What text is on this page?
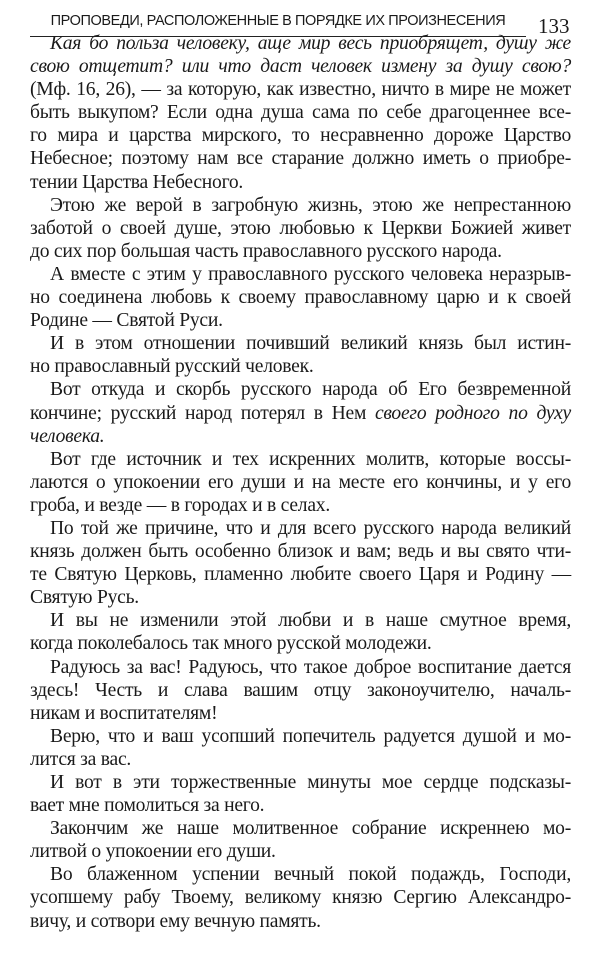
ПРОПОВЕДИ, РАСПОЛОЖЕННЫЕ В ПОРЯДКЕ ИХ ПРОИЗНЕСЕНИЯ	133
Кая бо польза человеку, аще мир весь приобрящет, душу же
свою отщетит? или что даст человек измену за душу свою?
(Мф. 16, 26), — за которую, как известно, ничто в мире не может
быть выкупом? Если одна душа сама по себе драгоценнее все-
го мира и царства мирского, то несравненно дороже Царство
Небесное; поэтому нам все старание должно иметь о приобре-
тении Царства Небесного.
Этою же верой в загробную жизнь, этою же непрестанною
заботой о своей душе, этою любовью к Церкви Божией живет
до сих пор большая часть православного русского народа.
А вместе с этим у православного русского человека неразрыв-
но соединена любовь к своему православному царю и к своей
Родине — Святой Руси.
И в этом отношении почивший великий князь был истин-
но православный русский человек.
Вот откуда и скорбь русского народа об Его безвременной
кончине; русский народ потерял в Нем своего родного по духу
человека.
Вот где источник и тех искренних молитв, которые воссы-
лаются о упокоении его души и на месте его кончины, и у его
гроба, и везде — в городах и в селах.
По той же причине, что и для всего русского народа великий
князь должен быть особенно близок и вам; ведь и вы свято чти-
те Святую Церковь, пламенно любите своего Царя и Родину —
Святую Русь.
И вы не изменили этой любви и в наше смутное время,
когда поколебалось так много русской молодежи.
Радуюсь за вас! Радуюсь, что такое доброе воспитание дается
здесь! Честь и слава вашим отцу законоучителю, началь-
никам и воспитателям!
Верю, что и ваш усопший попечитель радуется душой и мо-
лится за вас.
И вот в эти торжественные минуты мое сердце подсказы-
вает мне помолиться за него.
Закончим же наше молитвенное собрание искреннею мо-
литвой о упокоении его души.
Во блаженном успении вечный покой подаждь, Господи,
усопшему рабу Твоему, великому князю Сергию Александро-
вичу, и сотвори ему вечную память.
